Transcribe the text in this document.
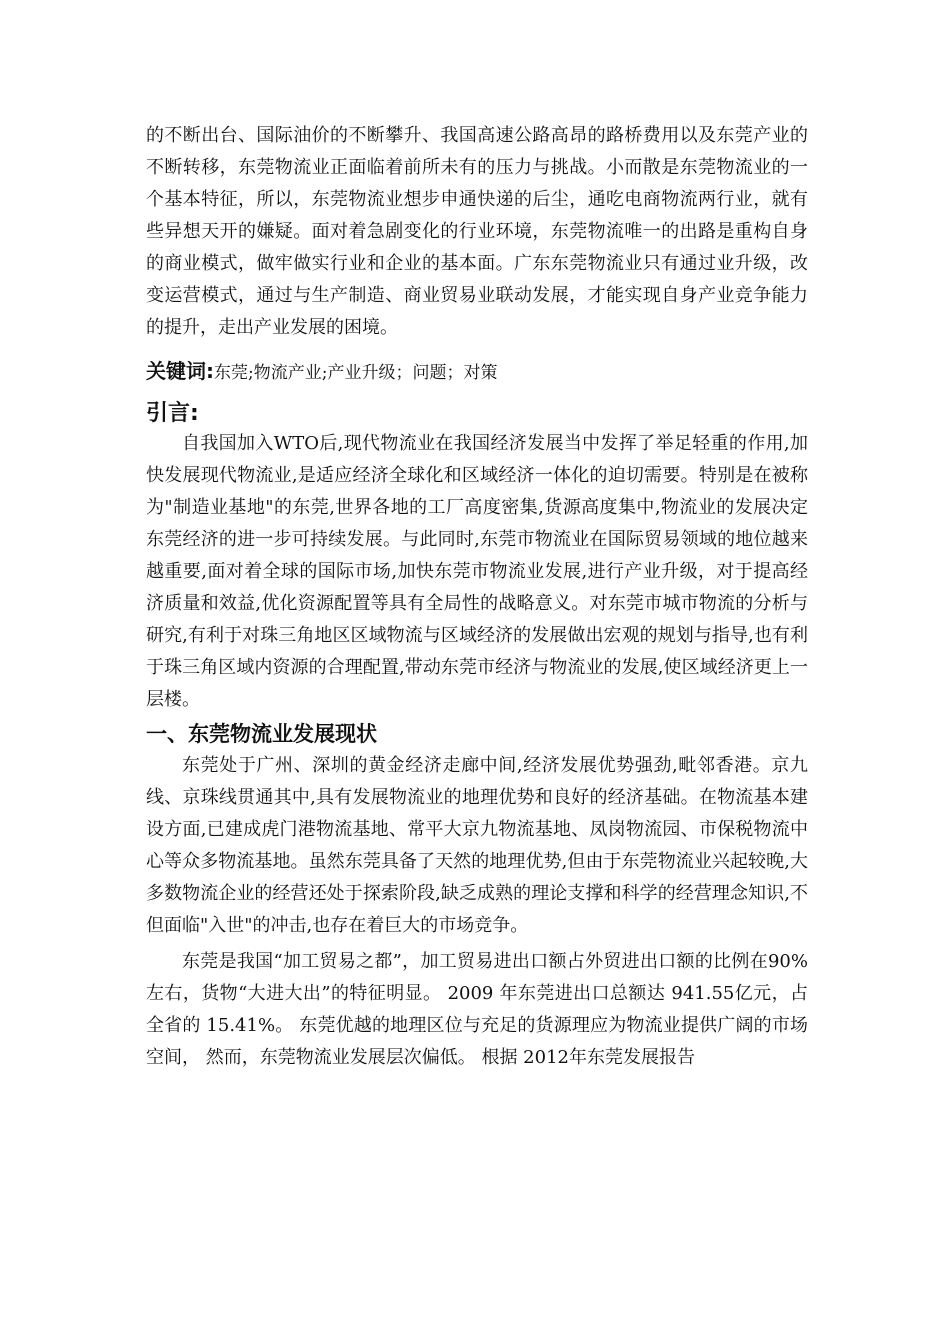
的不断出台、国际油价的不断攀升、我国高速公路高昂的路桥费用以及东莞产业的不断转移，东莞物流业正面临着前所未有的压力与挑战。小而散是东莞物流业的一个基本特征，所以，东莞物流业想步申通快递的后尘，通吃电商物流两行业，就有些异想天开的嫌疑。面对着急剧变化的行业环境，东莞物流唯一的出路是重构自身的商业模式，做牢做实行业和企业的基本面。广东东莞物流业只有通过业升级，改变运营模式，通过与生产制造、商业贸易业联动发展，才能实现自身产业竞争能力的提升，走出产业发展的困境。

关键词:东莞;物流产业;产业升级；问题；对策
引言:

自我国加入WTO后,现代物流业在我国经济发展当中发挥了举足轻重的作用,加快发展现代物流业,是适应经济全球化和区域经济一体化的迫切需要。特别是在被称为"制造业基地"的东莞,世界各地的工厂高度密集,货源高度集中,物流业的发展决定东莞经济的进一步可持续发展。与此同时,东莞市物流业在国际贸易领域的地位越来越重要,面对着全球的国际市场,加快东莞市物流业发展,进行产业升级，对于提高经济质量和效益,优化资源配置等具有全局性的战略意义。对东莞市城市物流的分析与研究,有利于对珠三角地区区域物流与区域经济的发展做出宏观的规划与指导,也有利于珠三角区域内资源的合理配置,带动东莞市经济与物流业的发展,使区域经济更上一层楼。

一、东莞物流业发展现状

东莞处于广州、深圳的黄金经济走廊中间,经济发展优势强劲,毗邻香港。京九线、京珠线贯通其中,具有发展物流业的地理优势和良好的经济基础。在物流基本建设方面,已建成虎门港物流基地、常平大京九物流基地、凤岗物流园、市保税物流中心等众多物流基地。虽然东莞具备了天然的地理优势,但由于东莞物流业兴起较晚,大多数物流企业的经营还处于探索阶段,缺乏成熟的理论支撑和科学的经营理念知识,不但面临"入世"的冲击,也存在着巨大的市场竞争。

东莞是我国“加工贸易之都”，加工贸易进出口额占外贸进出口额的比例在90%左右，货物“大进大出”的特征明显。 2009 年东莞进出口总额达 941.55亿元，占全省的 15.41%。 东莞优越的地理区位与充足的货源理应为物流业提供广阔的市场空间， 然而，东莞物流业发展层次偏低。 根据 2012年东莞发展报告
